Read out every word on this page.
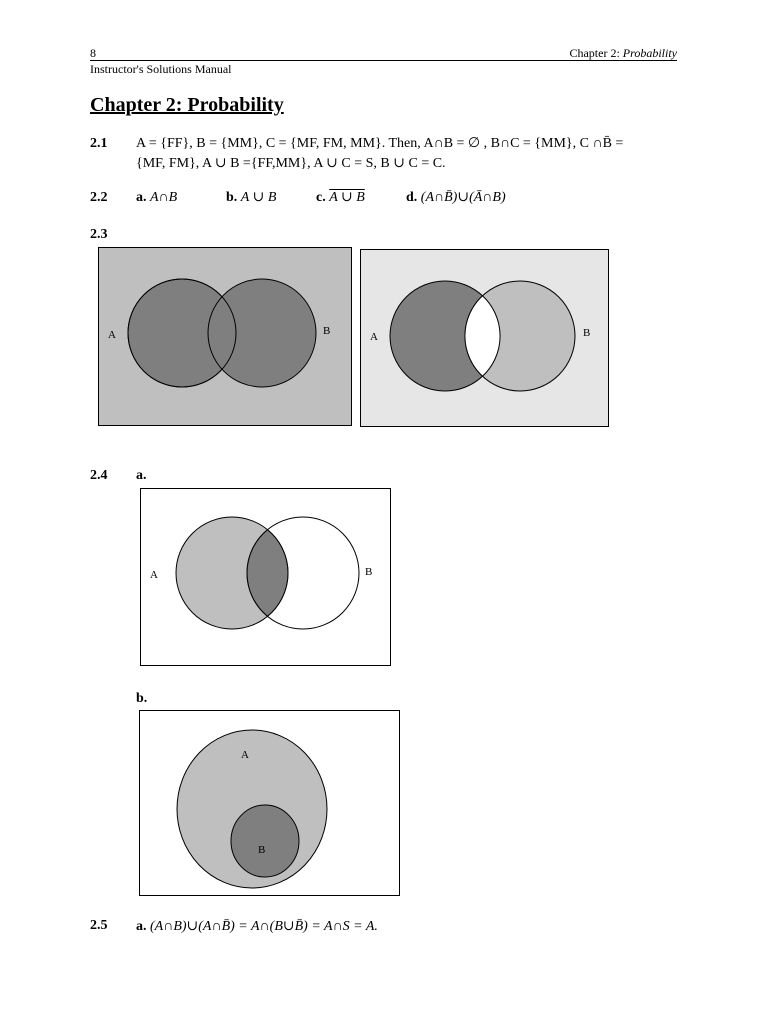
8	Chapter 2: Probability
Instructor's Solutions Manual
Chapter 2: Probability
2.1 A = {FF}, B = {MM}, C = {MF, FM, MM}. Then, A∩B = ∅ , B∩C = {MM}, C ∩B̄ =
{MF, FM}, A ∪ B ={FF,MM}, A ∪ C = S, B ∪ C = C.
2.2 a. A∩B	b. A ∪ B	c. A ∪ B	d. (A∩B̄)∪(Ā∩B)
2.3
A	B	A	B
2.4 a.
A	B
b.
A
B
2.5 a. (A∩B)∪(A∩B̄) = A∩(B∪B̄) = A∩S = A.
